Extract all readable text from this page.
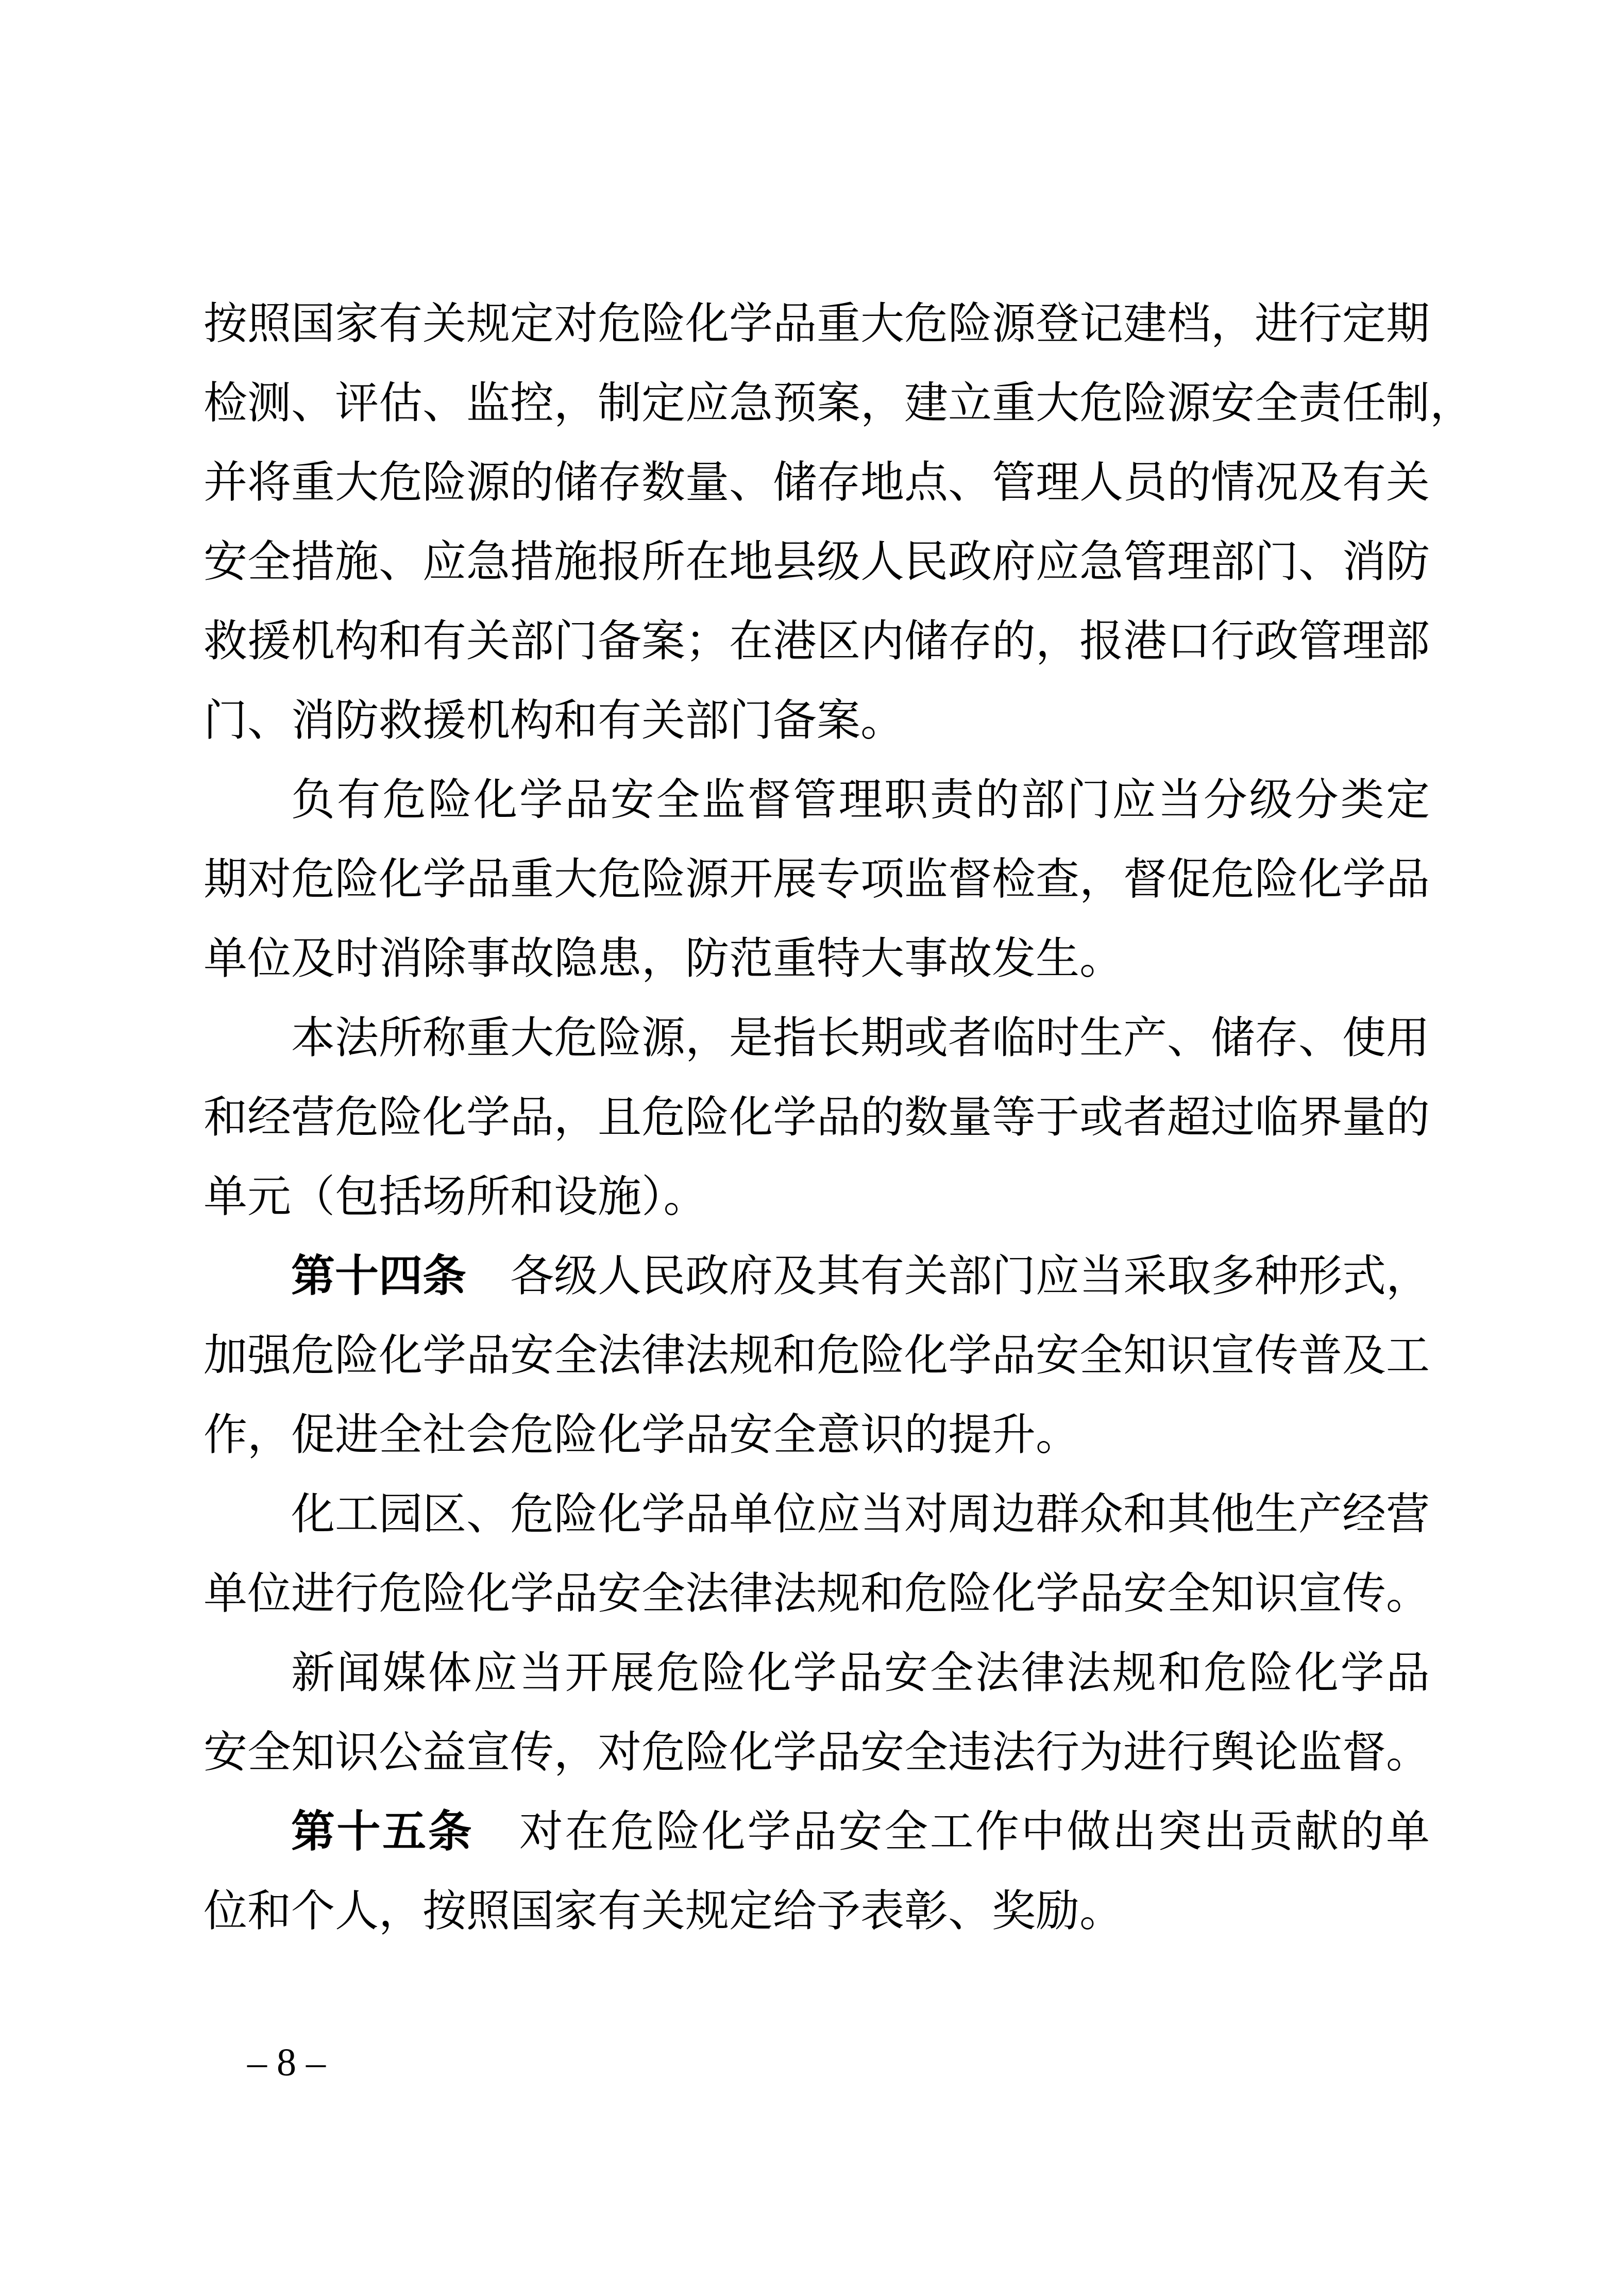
按照国家有关规定对危险化学品重大危险源登记建档，进行定期
检测、评估、监控，制定应急预案，建立重大危险源安全责任制，
并将重大危险源的储存数量、储存地点、管理人员的情况及有关
安全措施、应急措施报所在地县级人民政府应急管理部门、消防
救援机构和有关部门备案；在港区内储存的，报港口行政管理部
门、消防救援机构和有关部门备案。
负有危险化学品安全监督管理职责的部门应当分级分类定
期对危险化学品重大危险源开展专项监督检查，督促危险化学品
单位及时消除事故隐患，防范重特大事故发生。
本法所称重大危险源，是指长期或者临时生产、储存、使用
和经营危险化学品，且危险化学品的数量等于或者超过临界量的
单元（包括场所和设施）。
第十四条　各级人民政府及其有关部门应当采取多种形式，
加强危险化学品安全法律法规和危险化学品安全知识宣传普及工
作，促进全社会危险化学品安全意识的提升。
化工园区、危险化学品单位应当对周边群众和其他生产经营
单位进行危险化学品安全法律法规和危险化学品安全知识宣传。
新闻媒体应当开展危险化学品安全法律法规和危险化学品
安全知识公益宣传，对危险化学品安全违法行为进行舆论监督。
第十五条　对在危险化学品安全工作中做出突出贡献的单
位和个人，按照国家有关规定给予表彰、奖励。
– 8 –
